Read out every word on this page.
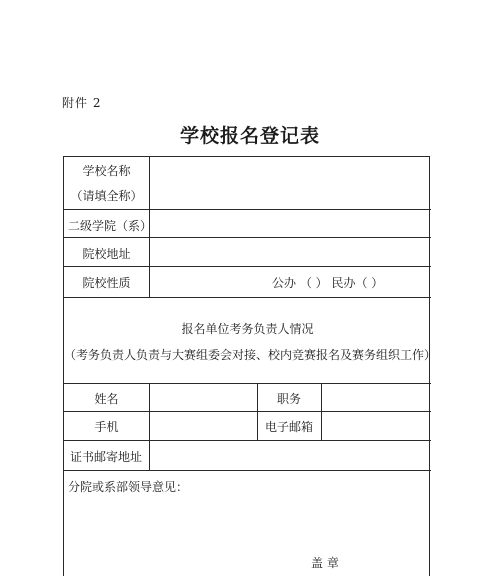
附件 2
学校报名登记表
学校名称
（请填全称）
二级学院（系）
院校地址
院校性质	公办 （ ） 民办（ ）
报名单位考务负责人情况
（考务负责人负责与大赛组委会对接、校内竞赛报名及赛务组织工作）
姓名	职务
手机	电子邮箱
证书邮寄地址
分院或系部领导意见：
盖 章
